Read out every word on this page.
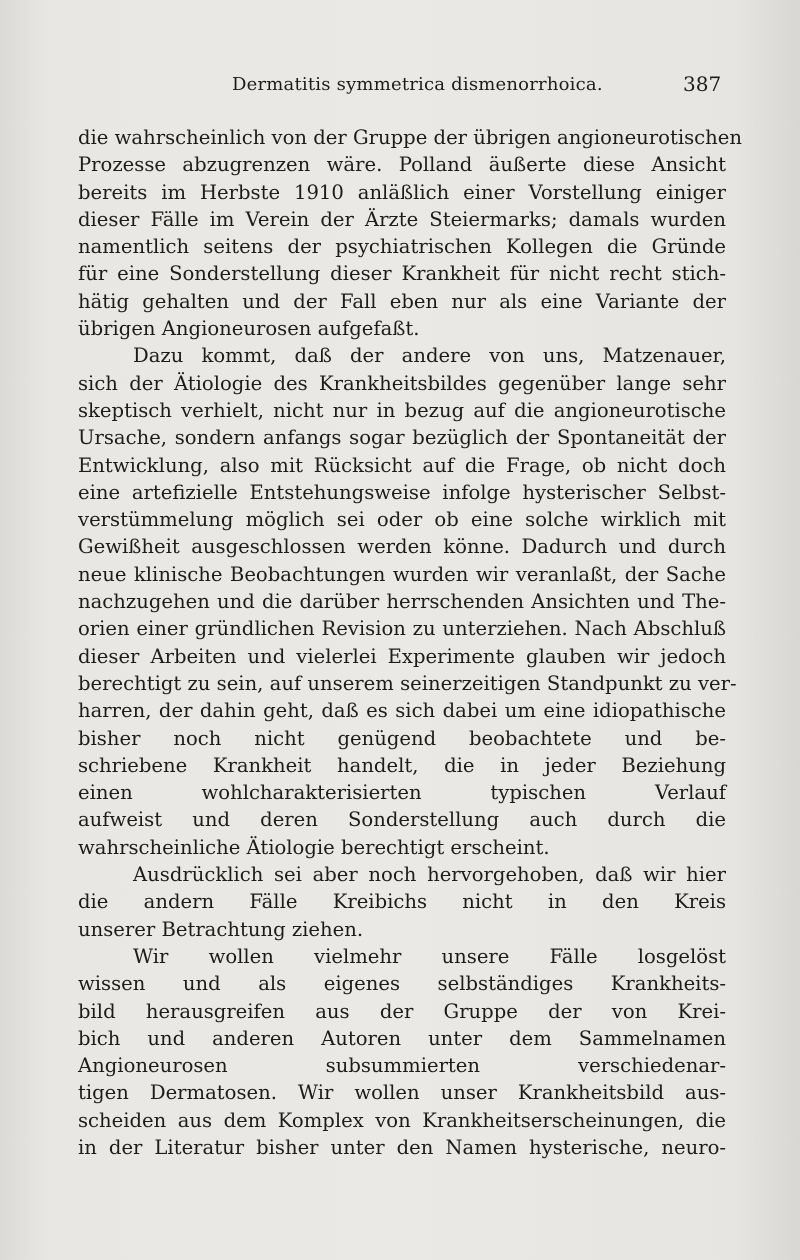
Dermatitis symmetrica dismenorrhoica.	387
die wahrscheinlich von der Gruppe der übrigen angioneurotischen
Prozesse abzugrenzen wäre. Polland äußerte diese Ansicht
bereits im Herbste 1910 anläßlich einer Vorstellung einiger
dieser Fälle im Verein der Ärzte Steiermarks; damals wurden
namentlich seitens der psychiatrischen Kollegen die Gründe
für eine Sonderstellung dieser Krankheit für nicht recht stich-
hätig gehalten und der Fall eben nur als eine Variante der
übrigen Angioneurosen aufgefaßt.
Dazu kommt, daß der andere von uns, Matzenauer,
sich der Ätiologie des Krankheitsbildes gegenüber lange sehr
skeptisch verhielt, nicht nur in bezug auf die angioneurotische
Ursache, sondern anfangs sogar bezüglich der Spontaneität der
Entwicklung, also mit Rücksicht auf die Frage, ob nicht doch
eine artefizielle Entstehungsweise infolge hysterischer Selbst-
verstümmelung möglich sei oder ob eine solche wirklich mit
Gewißheit ausgeschlossen werden könne. Dadurch und durch
neue klinische Beobachtungen wurden wir veranlaßt, der Sache
nachzugehen und die darüber herrschenden Ansichten und The-
orien einer gründlichen Revision zu unterziehen. Nach Abschluß
dieser Arbeiten und vielerlei Experimente glauben wir jedoch
berechtigt zu sein, auf unserem seinerzeitigen Standpunkt zu ver-
harren, der dahin geht, daß es sich dabei um eine idiopathische
bisher noch nicht genügend beobachtete und be-
schriebene Krankheit handelt, die in jeder Beziehung
einen wohlcharakterisierten typischen Verlauf
aufweist und deren Sonderstellung auch durch die
wahrscheinliche Ätiologie berechtigt erscheint.
Ausdrücklich sei aber noch hervorgehoben, daß wir hier
die andern Fälle Kreibichs nicht in den Kreis
unserer Betrachtung ziehen.
Wir wollen vielmehr unsere Fälle losgelöst
wissen und als eigenes selbständiges Krankheits-
bild herausgreifen aus der Gruppe der von Krei-
bich und anderen Autoren unter dem Sammelnamen
Angioneurosen subsummierten verschiedenar-
tigen Dermatosen. Wir wollen unser Krankheitsbild aus-
scheiden aus dem Komplex von Krankheitserscheinungen, die
in der Literatur bisher unter den Namen hysterische, neuro-
